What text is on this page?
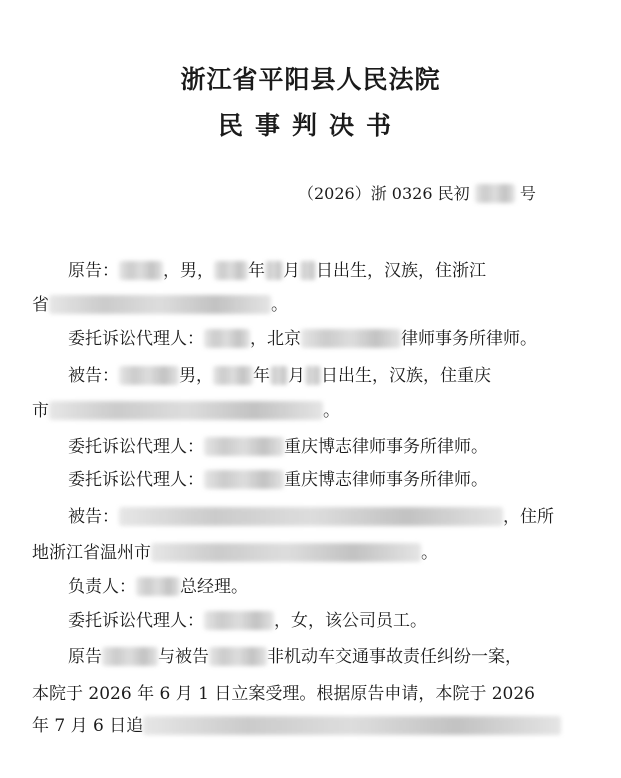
浙江省平阳县人民法院
民事判决书
（2026）浙 0326 民初	号
原告：	，男， 年 月 日出生，汉族，住浙江
省	。
委托诉讼代理人：	，北京	律师事务所律师。
被告：	男， 年 月 日出生，汉族，住重庆
市	。
委托诉讼代理人：	重庆博志律师事务所律师。
委托诉讼代理人：	重庆博志律师事务所律师。
被告：	，住所
地浙江省温州市	。
负责人：	总经理。
委托诉讼代理人：	，女，该公司员工。
原告	与被告	非机动车交通事故责任纠纷一案，
本院于 2026 年 6 月 1 日立案受理。根据原告申请，本院于 2026
年 7 月 6 日追
